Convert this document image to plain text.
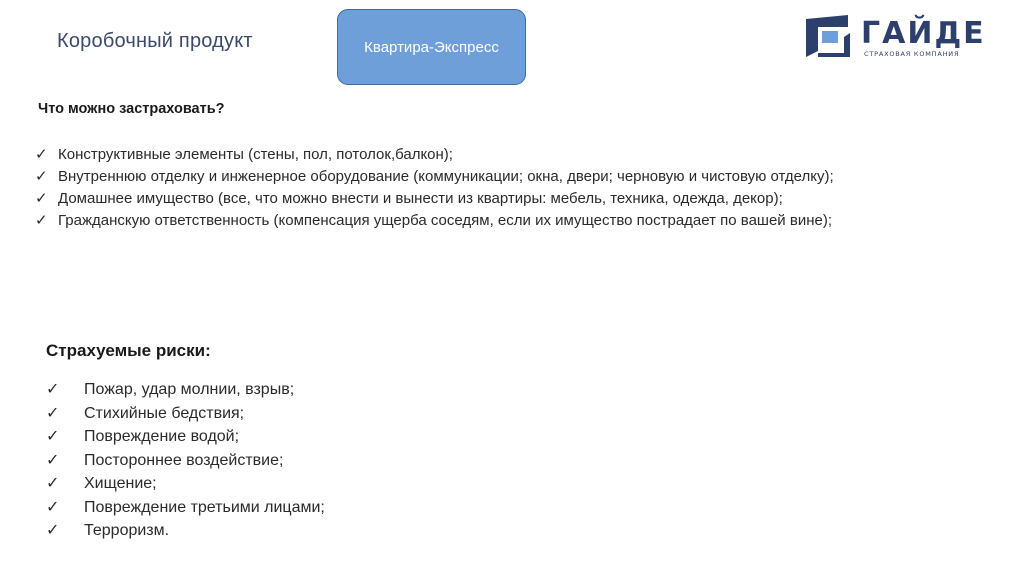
Коробочный продукт	Квартира-Экспресс	ГАЙДЕ
СТРАХОВАЯ КОМПАНИЯ
Что можно застраховать?
✓ Конструктивные элементы (стены, пол, потолок,балкон);
✓ Внутреннюю отделку и инженерное оборудование (коммуникации; окна, двери; черновую и чистовую отделку);
✓ Домашнее имущество (все, что можно внести и вынести из квартиры: мебель, техника, одежда, декор);
✓ Гражданскую ответственность (компенсация ущерба соседям, если их имущество пострадает по вашей вине);
Страхуемые риски:
✓ Пожар, удар молнии, взрыв;
✓ Стихийные бедствия;
✓ Повреждение водой;
✓ Постороннее воздействие;
✓ Хищение;
✓ Повреждение третьими лицами;
✓ Терроризм.
